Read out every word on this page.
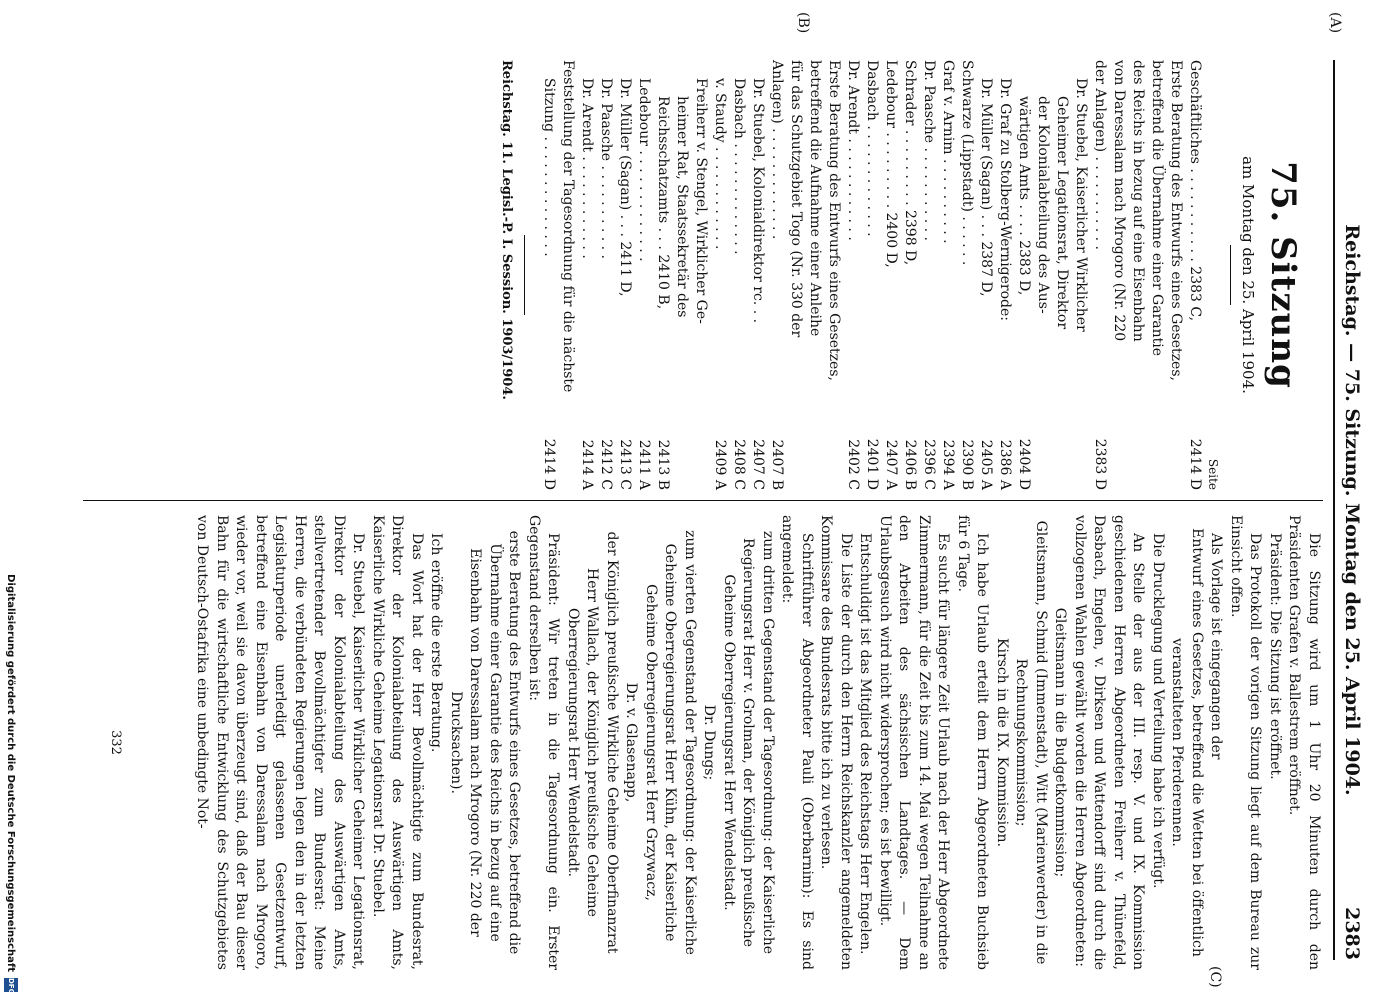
(A)
(B)
(C)
Reichstag. — 75. Sitzung. Montag den 25. April 1904.
2383
75. Sitzung
am Montag den 25. April 1904.
Seite
Geschäftliches . . . . . . . . . . . 2383 C,
2414 D
Erste Beratung des Entwurfs eines Gesetzes,
betreffend die Übernahme einer Garantie
des Reichs in bezug auf eine Eisenbahn
von Daressalam nach Mrogoro (Nr. 220
der Anlagen) . . . . . . . . . . .
2383 D
Dr. Stuebel, Kaiserlicher Wirklicher
Geheimer Legationsrat, Direktor
der Kolonialabteilung des Aus-
wärtigen Amts . . . . 2383 D,
2404 D
Dr. Graf zu Stolberg-Wernigerode:
2386 A
Dr. Müller (Sagan) . . . 2387 D,
2405 A
Schwarze (Lippstadt) . . . . . .
2390 B
Graf v. Arnim . . . . . . . . . .
2394 A
Dr. Paasche . . . . . . . . . . .
2396 C
Schrader . . . . . . . . . 2398 D,
2406 B
Ledebour . . . . . . . . . 2400 D,
2407 A
Dasbach . . . . . . . . . . . . .
2401 D
Dr. Arendt . . . . . . . . . . . .
2402 C
Erste Beratung des Entwurfs eines Gesetzes,
betreffend die Aufnahme einer Anleihe
für das Schutzgebiet Togo (Nr. 330 der
Anlagen) . . . . . . . . . . . . .
2407 B
Dr. Stuebel, Kolonialdirektor rc. . .
2407 C
Dasbach . . . . . . . . . . . . .
2408 C
v. Staudy . . . . . . . . . . . .
2409 A
Freiherr v. Stengel, Wirklicher Ge-
heimer Rat, Staatssekretär des
Reichsschatzamts . . . 2410 B,
2413 B
Ledebour . . . . . . . . . . . . .
2411 A
Dr. Müller (Sagan) . . . 2411 D,
2413 C
Dr. Paasche . . . . . . . . . . .
2412 C
Dr. Arendt . . . . . . . . . . . .
2414 A
Feststellung der Tagesordnung für die nächste
Sitzung . . . . . . . . . . . . . .
2414 D
Reichstag. 11. Legisl.-P. I. Session. 1903/1904.

Die Sitzung wird um 1 Uhr 20 Minuten durch den Präsidenten Grafen v. Ballestrem eröffnet.

Präsident: Die Sitzung ist eröffnet.

Das Protokoll der vorigen Sitzung liegt auf dem Bureau zur Einsicht offen.

Als Vorlage ist eingegangen der

Entwurf eines Gesetzes, betreffend die Wetten bei öffentlich veranstalteten Pferderennen.

Die Drucklegung und Verteilung habe ich verfügt.

An Stelle der aus der III. resp. V. und IX. Kommission geschiedenen Herren Abgeordneten Freiherr v. Thünefeld, Dasbach, Engelen, v. Dirksen und Wattendorff sind durch die vollzogenen Wahlen gewählt worden die Herren Abgeordneten:

Gleitsmann in die Budgetkommission;

Gleitsmann, Schmid (Immenstadt), Witt (Marienwerder) in die Rechnungskommission;

Kirsch in die IX. Kommission.

Ich habe Urlaub erteilt dem Herrn Abgeordneten Buchsieb für 6 Tage.

Es sucht für längere Zeit Urlaub nach der Herr Abgeordnete Zimmermann, für die Zeit bis zum 14. Mai wegen Teilnahme an den Arbeiten des sächsischen Landtages. — Dem Urlaubsgesuch wird nicht widersprochen; es ist bewilligt.

Entschuldigt ist das Mitglied des Reichstags Herr Engelen.

Die Liste der durch den Herrn Reichskanzler angemeldeten Kommissare des Bundesrats bitte ich zu verlesen.

Schriftführer Abgeordneter Pauli (Oberbarnim): Es sind angemeldet:

zum dritten Gegenstand der Tagesordnung: der Kaiserliche Regierungsrat Herr v. Grolman, der Königlich preußische Geheime Oberregierungsrat Herr Wendelstadt.

Dr. Dungs;

zum vierten Gegenstand der Tagesordnung: der Kaiserliche Geheime Oberregierungsrat Herr Kühn, der Kaiserliche Geheime Oberregierungsrat Herr Grzywacz,

Dr. v. Glasenapp,

der Königlich preußische Wirkliche Geheime Oberfinanzrat Herr Wallach, der Königlich preußische Geheime Oberregierungsrat Herr Wendelstadt.

Präsident: Wir treten in die Tagesordnung ein. Erster Gegenstand derselben ist:

erste Beratung des Entwurfs eines Gesetzes, betreffend die Übernahme einer Garantie des Reichs in bezug auf eine Eisenbahn von Daressalam nach Mrogoro (Nr. 220 der Drucksachen).

Ich eröffne die erste Beratung.

Das Wort hat der Herr Bevollmächtigte zum Bundesrat, Direktor der Kolonialabteilung des Auswärtigen Amts, Kaiserliche Wirkliche Geheime Legationsrat Dr. Stuebel.

Dr. Stuebel, Kaiserlicher Wirklicher Geheimer Legationsrat, Direktor der Kolonialabteilung des Auswärtigen Amts, stellvertretender Bevollmächtigter zum Bundesrat: Meine Herren, die verbündeten Regierungen legen den in der letzten Legislaturperiode unerledigt gelassenen Gesetzentwurf, betreffend eine Eisenbahn von Daressalam nach Mrogoro, wieder vor, weil sie davon überzeugt sind, daß der Bau dieser Bahn für die wirtschaftliche Entwicklung des Schutzgebietes von Deutsch-Ostafrika eine unbedingte Not-

332
Digitalisierung gefördert durch die Deutsche Forschungsgemeinschaft
DFG
